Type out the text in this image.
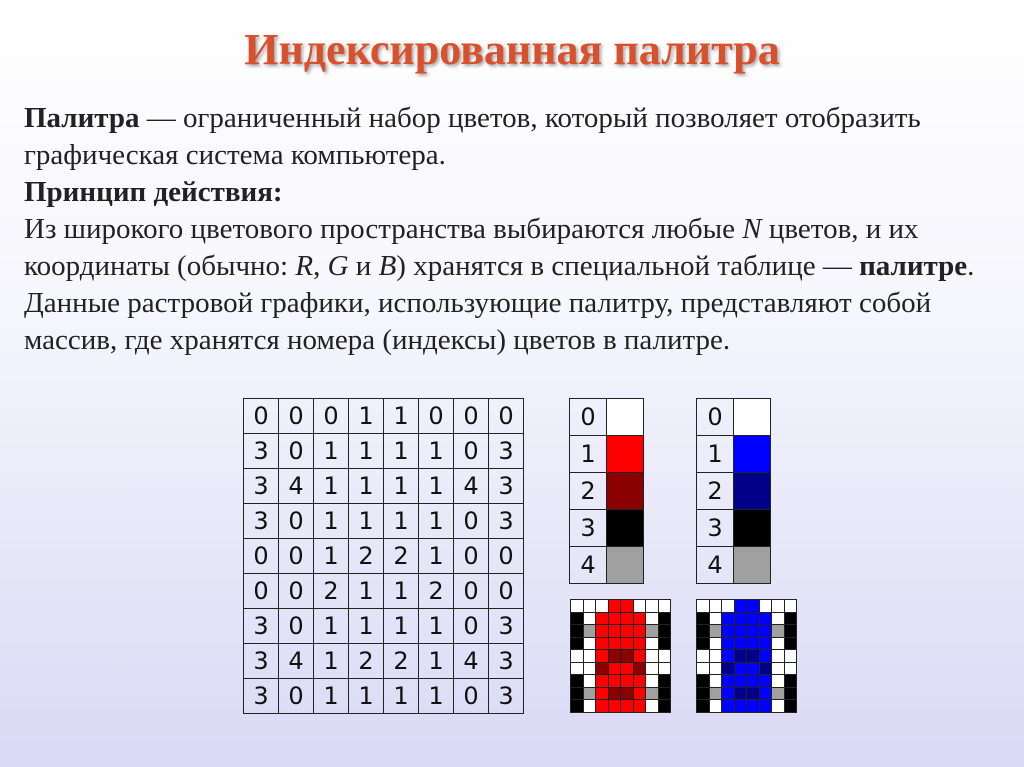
Индексированная палитра

Палитра — ограниченный набор цветов, который позволяет отобразить графическая система компьютера.

Принцип действия:

Из широкого цветового пространства выбираются любые N цветов, и их координаты (обычно: R, G и B) хранятся в специальной таблице — палитре. Данные растровой графики, использующие палитру, представляют собой массив, где хранятся номера (индексы) цветов в палитре.

0	0	0	1	1	0	0	0
3	0	1	1	1	1	0	3
3	4	1	1	1	1	4	3
3	0	1	1	1	1	0	3
0	0	1	2	2	1	0	0
0	0	2	1	1	2	0	0
3	0	1	1	1	1	0	3
3	4	1	2	2	1	4	3
3	0	1	1	1	1	0	3
0	
1	
2	
3	
4	
0	
1	
2	
3	
4	
